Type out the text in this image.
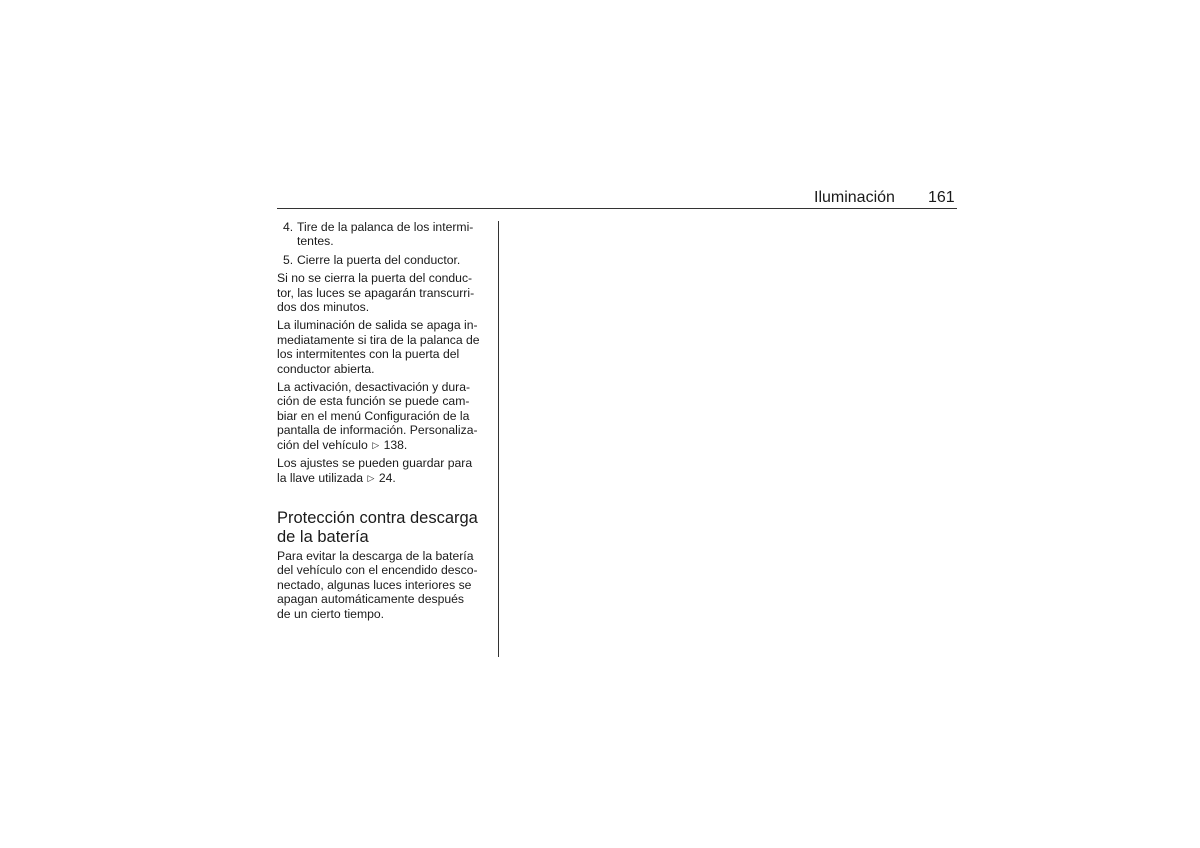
Iluminación 161
4. Tire de la palanca de los intermi-
tentes.
5. Cierre la puerta del conductor.
Si no se cierra la puerta del conduc-
tor, las luces se apagarán transcurri-
dos dos minutos.
La iluminación de salida se apaga in-
mediatamente si tira de la palanca de
los intermitentes con la puerta del
conductor abierta.
La activación, desactivación y dura-
ción de esta función se puede cam-
biar en el menú Configuración de la
pantalla de información. Personaliza-
ción del vehículo ▷ 138.
Los ajustes se pueden guardar para
la llave utilizada ▷ 24.
Protección contra descarga
de la batería
Para evitar la descarga de la batería
del vehículo con el encendido desco-
nectado, algunas luces interiores se
apagan automáticamente después
de un cierto tiempo.
